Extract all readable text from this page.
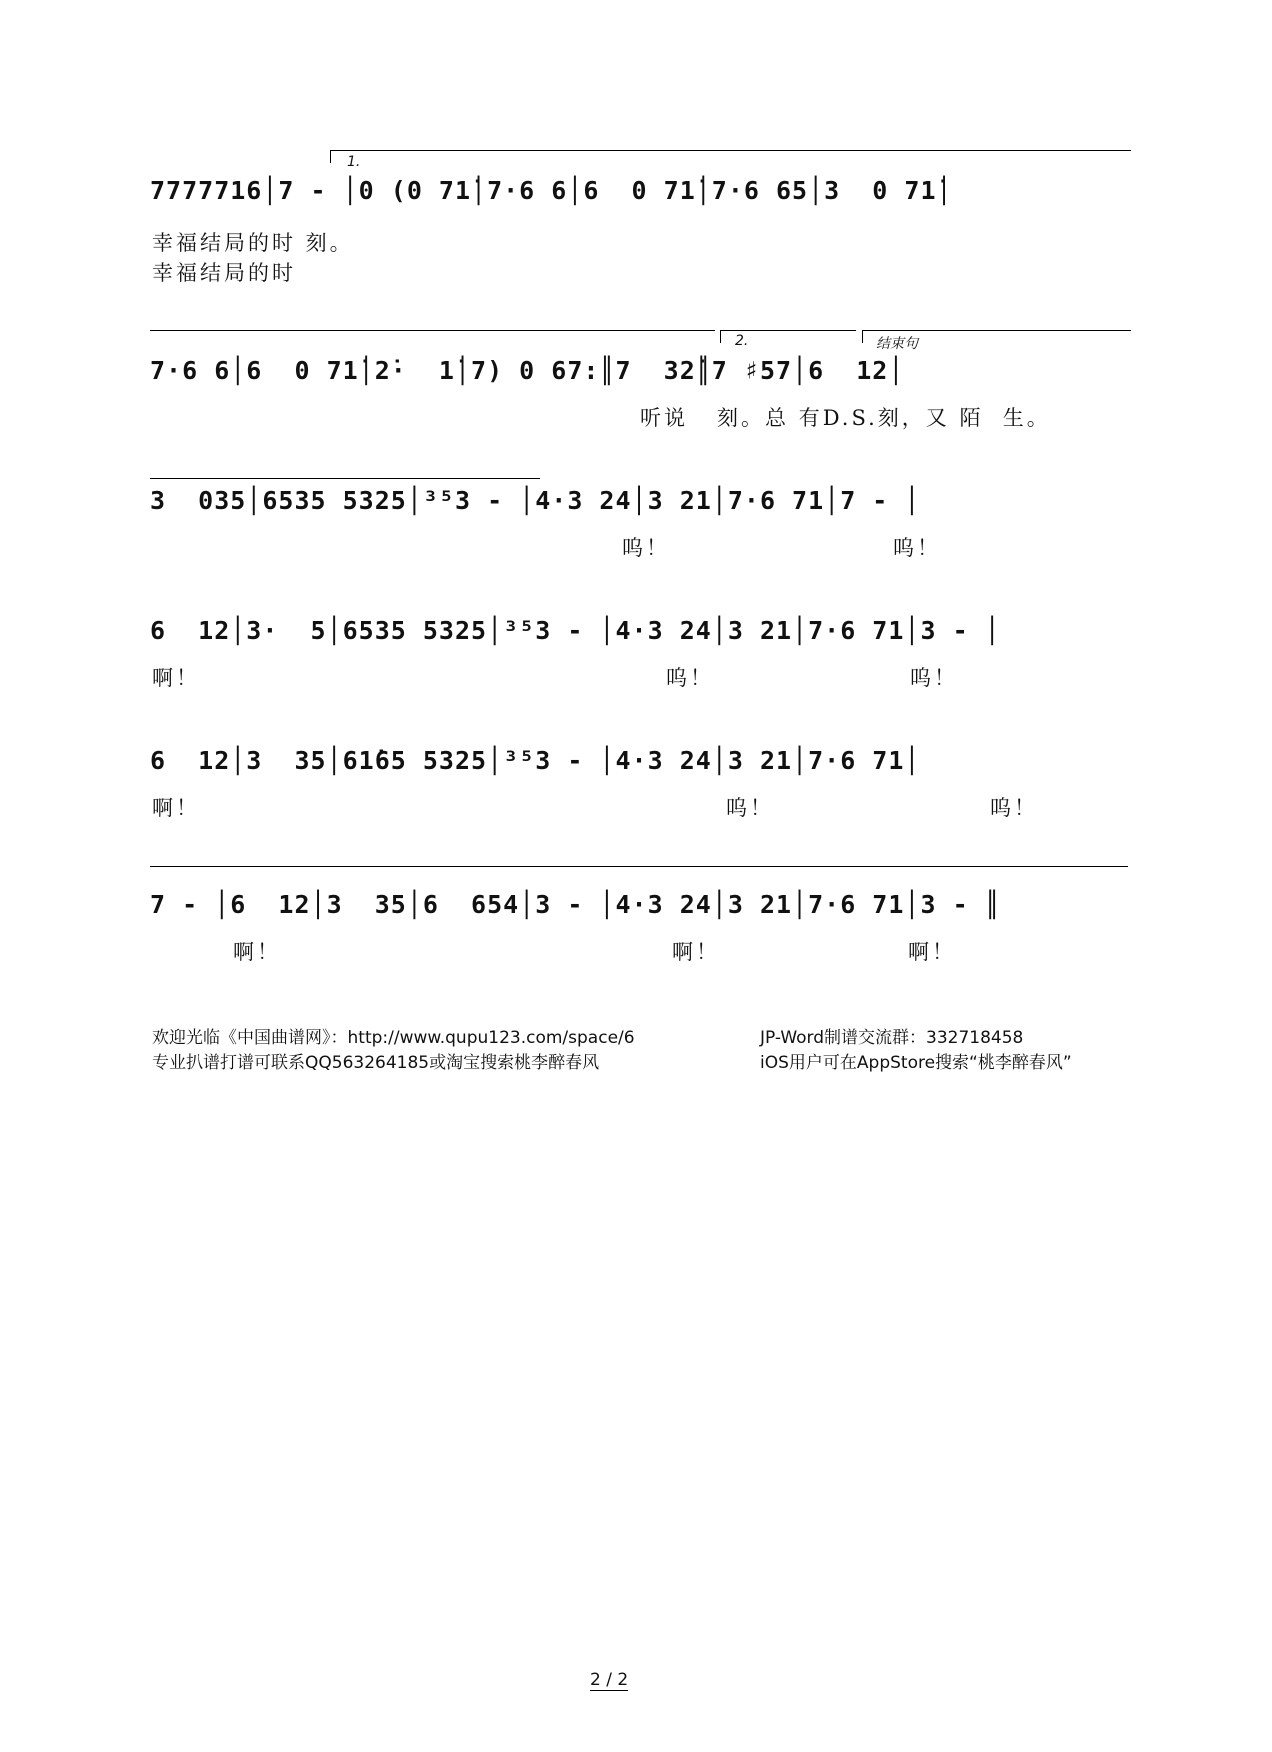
1.
7777716│7 - │0 (0 71̇│7·6 6│6  0 71̇│7·6 65│3  0 71̇│
幸福结局的时 刻。
幸福结局的时
2.	结束句
7·6 6│6  0 71̇│2̇·  1̇│7) 0 67:║7  32̇║7 ♯57│6  12│
听说   刻。总 有D.S.刻，又 陌  生。
3  035│6535 5325│³⁵3 - │4·3 24│3 21│7·6 71│7 - │
呜！	呜！
6  12│3·  5│6535 5325│³⁵3 - │4·3 24│3 21│7·6 71│3 - │
啊！	呜！	呜！
6  12│3  35│61̇65 5325│³⁵3 - │4·3 24│3 21│7·6 71│
啊！	呜！	呜！
7 - │6  12│3  35│6  654│3 - │4·3 24│3 21│7·6 71│3 - ║
啊！	啊！	啊！
欢迎光临《中国曲谱网》：http://www.qupu123.com/space/6	JP-Word制谱交流群：332718458
专业扒谱打谱可联系QQ563264185或淘宝搜索桃李醉春风	iOS用户可在AppStore搜索“桃李醉春风”
2 / 2
